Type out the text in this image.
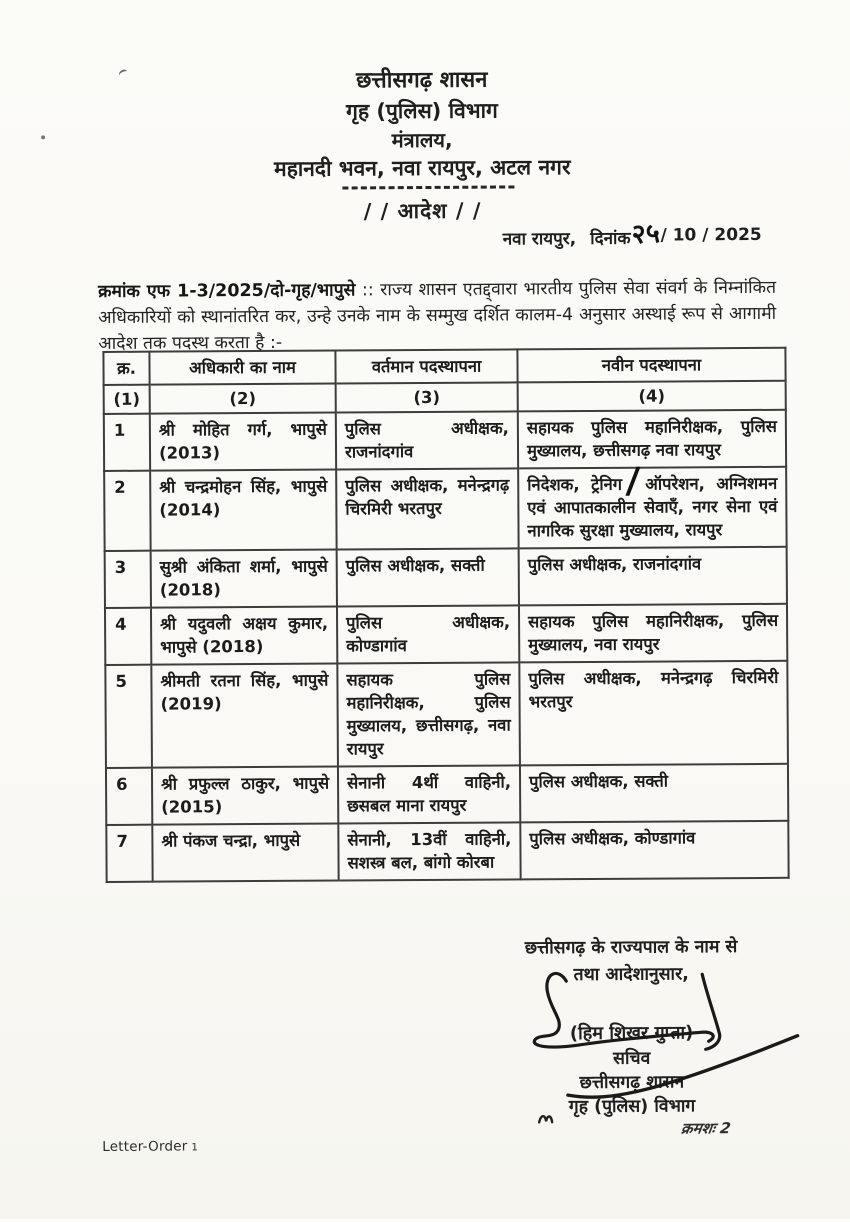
छत्तीसगढ़ शासन
गृह (पुलिस) विभाग
मंत्रालय,
महानदी भवन, नवा रायपुर, अटल नगर
/ / आदेश / /
नवा रायपुर, दिनांक २५ / 10 / 2025

क्रमांक एफ 1-3/2025/दो-गृह/भापुसे :: राज्य शासन एतद्द्वारा भारतीय पुलिस सेवा संवर्ग के निम्नांकित अधिकारियों को स्थानांतरित कर, उन्हे उनके नाम के सम्मुख दर्शित कालम-4 अनुसार अस्थाई रूप से आगामी आदेश तक पदस्थ करता है :-

क्र.	अधिकारी का नाम	वर्तमान पदस्थापना	नवीन पदस्थापना
(1)	(2)	(3)	(4)
1	श्री मोहित गर्ग, भापुसे (2013)	पुलिस अधीक्षक, राजनांदगांव	सहायक पुलिस महानिरीक्षक, पुलिस मुख्यालय, छत्तीसगढ़ नवा रायपुर
2	श्री चन्द्रमोहन सिंह, भापुसे (2014)	पुलिस अधीक्षक, मनेन्द्रगढ़ चिरमिरी भरतपुर	निदेशक, ट्रेनिग/ ऑपरेशन, अग्निशमन एवं आपातकालीन सेवाएँ, नगर सेना एवं नागरिक सुरक्षा मुख्यालय, रायपुर
3	सुश्री अंकिता शर्मा, भापुसे (2018)	पुलिस अधीक्षक, सक्ती	पुलिस अधीक्षक, राजनांदगांव
4	श्री यदुवली अक्षय कुमार, भापुसे (2018)	पुलिस अधीक्षक, कोण्डागांव	सहायक पुलिस महानिरीक्षक, पुलिस मुख्यालय, नवा रायपुर
5	श्रीमती रतना सिंह, भापुसे (2019)	सहायक पुलिस महानिरीक्षक, पुलिस मुख्यालय, छत्तीसगढ़, नवा रायपुर	पुलिस अधीक्षक, मनेन्द्रगढ़ चिरमिरी भरतपुर
6	श्री प्रफुल्ल ठाकुर, भापुसे (2015)	सेनानी 4थीं वाहिनी, छसबल माना रायपुर	पुलिस अधीक्षक, सक्ती
7	श्री पंकज चन्द्रा, भापुसे	सेनानी, 13वीं वाहिनी, सशस्त्र बल, बांगो कोरबा	पुलिस अधीक्षक, कोण्डागांव
छत्तीसगढ़ के राज्यपाल के नाम से
तथा आदेशानुसार,
(हिम शिखर गुप्ता)
सचिव
छत्तीसगढ़ शासन
गृह (पुलिस) विभाग
क्रमशः 2
Letter-Order 1
